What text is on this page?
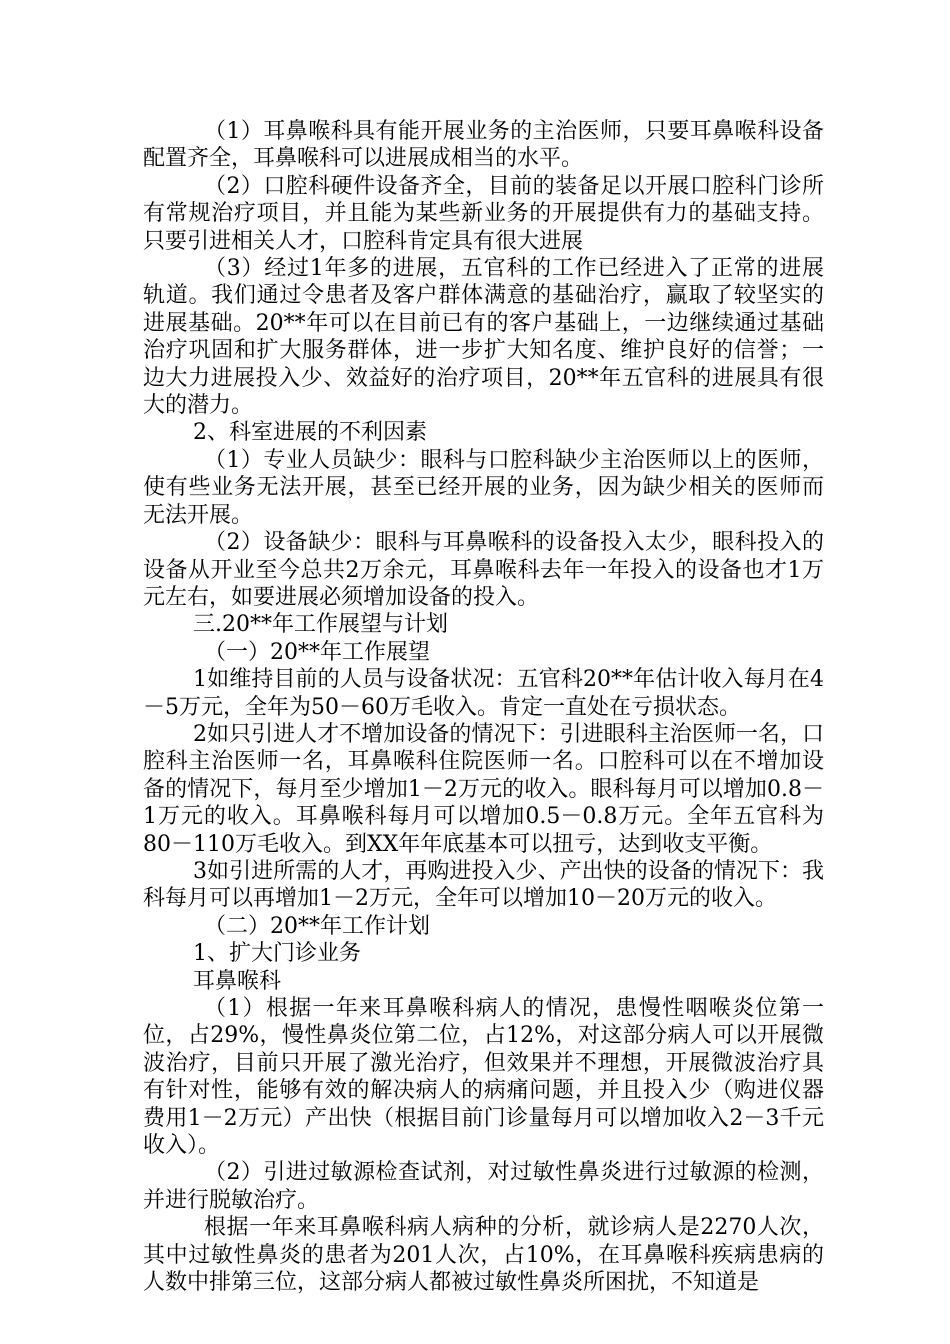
（1）耳鼻喉科具有能开展业务的主治医师，只要耳鼻喉科设备配置齐全，耳鼻喉科可以进展成相当的水平。

（2）口腔科硬件设备齐全，目前的装备足以开展口腔科门诊所有常规治疗项目，并且能为某些新业务的开展提供有力的基础支持。只要引进相关人才，口腔科肯定具有很大进展

（3）经过1年多的进展，五官科的工作已经进入了正常的进展轨道。我们通过令患者及客户群体满意的基础治疗，赢取了较坚实的进展基础。20**年可以在目前已有的客户基础上，一边继续通过基础治疗巩固和扩大服务群体，进一步扩大知名度、维护良好的信誉；一边大力进展投入少、效益好的治疗项目，20**年五官科的进展具有很大的潜力。

2、科室进展的不利因素

（1）专业人员缺少：眼科与口腔科缺少主治医师以上的医师，使有些业务无法开展，甚至已经开展的业务，因为缺少相关的医师而无法开展。

（2）设备缺少：眼科与耳鼻喉科的设备投入太少，眼科投入的设备从开业至今总共2万余元，耳鼻喉科去年一年投入的设备也才1万元左右，如要进展必须增加设备的投入。

三.20**年工作展望与计划

（一）20**年工作展望

1如维持目前的人员与设备状况：五官科20**年估计收入每月在4－5万元，全年为50－60万毛收入。肯定一直处在亏损状态。

2如只引进人才不增加设备的情况下：引进眼科主治医师一名，口腔科主治医师一名，耳鼻喉科住院医师一名。口腔科可以在不增加设备的情况下，每月至少增加1－2万元的收入。眼科每月可以增加0.8－1万元的收入。耳鼻喉科每月可以增加0.5－0.8万元。全年五官科为80－110万毛收入。到XX年年底基本可以扭亏，达到收支平衡。

3如引进所需的人才，再购进投入少、产出快的设备的情况下：我科每月可以再增加1－2万元，全年可以增加10－20万元的收入。

（二）20**年工作计划

1、扩大门诊业务

耳鼻喉科

（1）根据一年来耳鼻喉科病人的情况，患慢性咽喉炎位第一位，占29%，慢性鼻炎位第二位，占12%，对这部分病人可以开展微波治疗，目前只开展了激光治疗，但效果并不理想，开展微波治疗具有针对性，能够有效的解决病人的病痛问题，并且投入少（购进仪器费用1－2万元）产出快（根据目前门诊量每月可以增加收入2－3千元收入）。

（2）引进过敏源检查试剂，对过敏性鼻炎进行过敏源的检测，并进行脱敏治疗。

根据一年来耳鼻喉科病人病种的分析，就诊病人是2270人次，其中过敏性鼻炎的患者为201人次，占10%，在耳鼻喉科疾病患病的人数中排第三位，这部分病人都被过敏性鼻炎所困扰，不知道是
